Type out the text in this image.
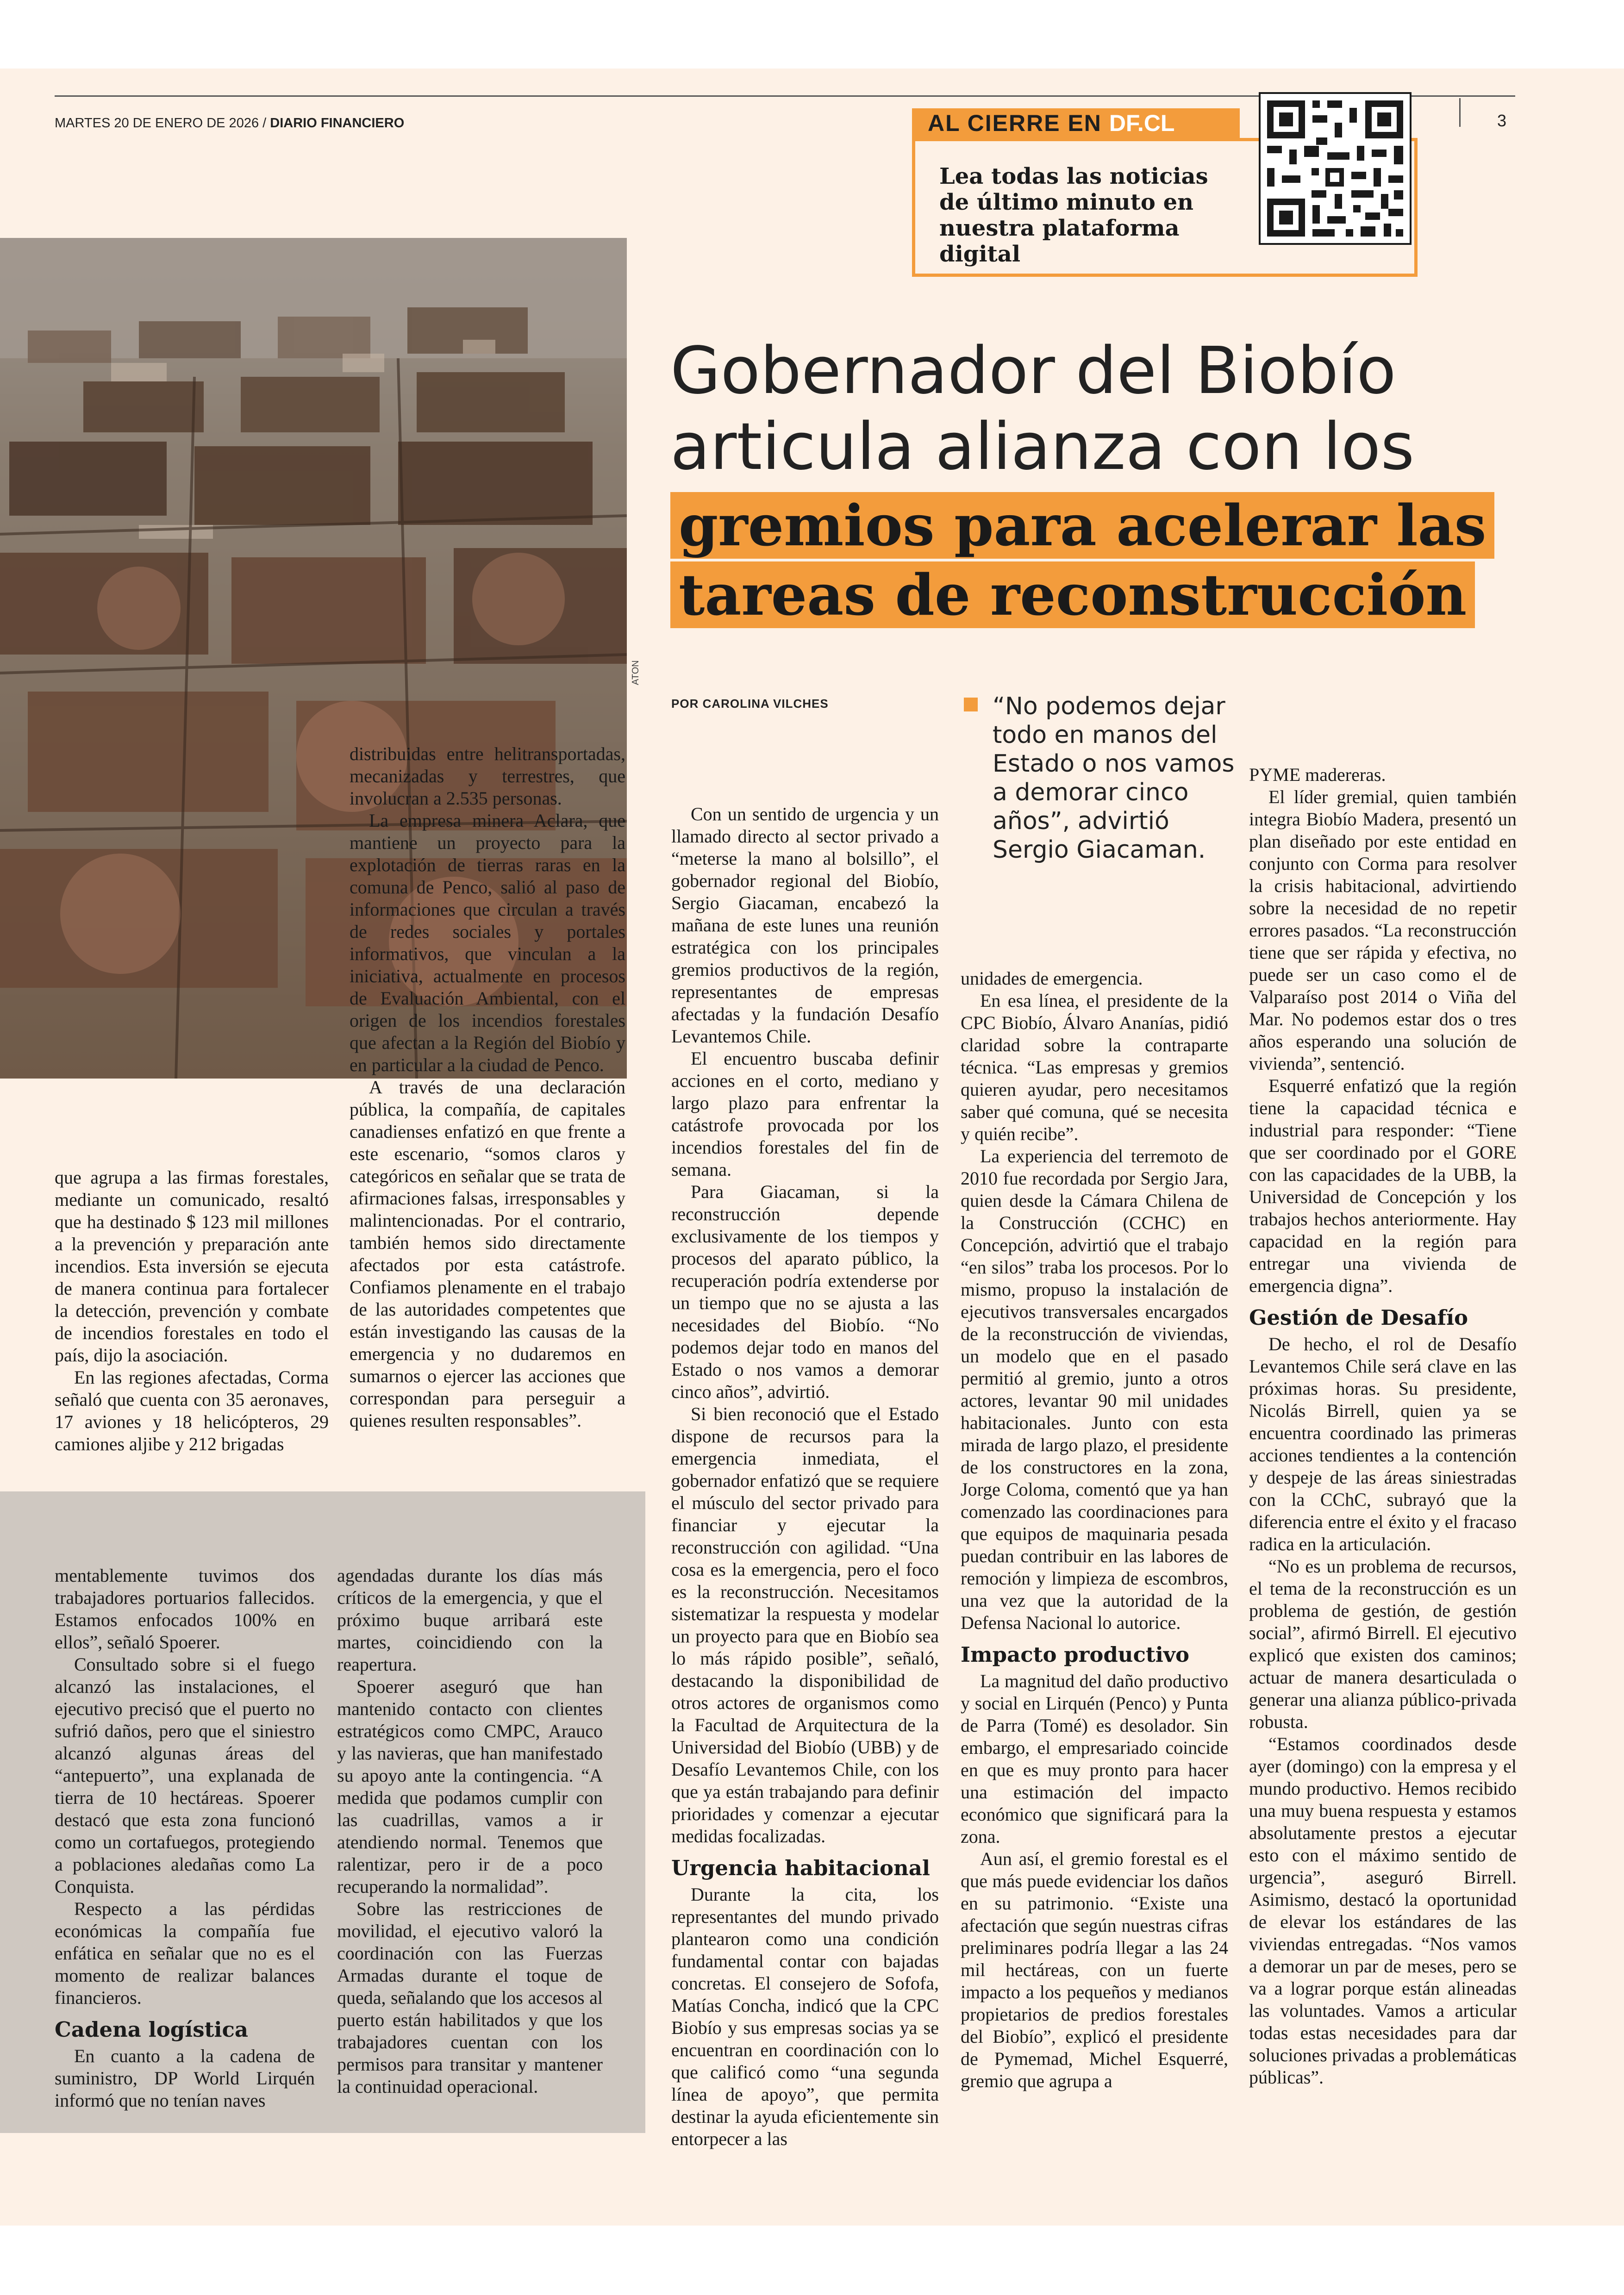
MARTES 20 DE ENERO DE 2026 / DIARIO FINANCIERO	3
AL CIERRE EN DF.CL
Lea todas las noticias de último minuto en nuestra plataforma digital
ATON

Gobernador del Biobío

articula alianza con los

gremios para acelerar las

tareas de reconstrucción

POR CAROLINA VILCHES	“No podemos dejar todo en manos del Estado o nos vamos a demorar cinco años”, advirtió Sergio Giacaman.

que agrupa a las firmas forestales, mediante un comunicado, resaltó que ha destinado $ 123 mil millones a la prevención y preparación ante incendios. Esta inversión se ejecuta de manera continua para fortalecer la detección, prevención y combate de incendios forestales en todo el país, dijo la asociación.

En las regiones afectadas, Corma señaló que cuenta con 35 aeronaves, 17 aviones y 18 helicópteros, 29 camiones aljibe y 212 brigadas

distribuidas entre helitransportadas, mecanizadas y terrestres, que involucran a 2.535 personas.

La empresa minera Aclara, que mantiene un proyecto para la explotación de tierras raras en la comuna de Penco, salió al paso de informaciones que circulan a través de redes sociales y portales informativos, que vinculan a la iniciativa, actualmente en procesos de Evaluación Ambiental, con el origen de los incendios forestales que afectan a la Región del Biobío y en particular a la ciudad de Penco.

A través de una declaración pública, la compañía, de capitales canadienses enfatizó en que frente a este escenario, “somos claros y categóricos en señalar que se trata de afirmaciones falsas, irresponsables y malintencionadas. Por el contrario, también hemos sido directamente afectados por esta catástrofe. Confiamos plenamente en el trabajo de las autoridades competentes que están investigando las causas de la emergencia y no dudaremos en sumarnos o ejercer las acciones que correspondan para perseguir a quienes resulten responsables”.

Con un sentido de urgencia y un llamado directo al sector privado a “meterse la mano al bolsillo”, el gobernador regional del Biobío, Sergio Giacaman, encabezó la mañana de este lunes una reunión estratégica con los principales gremios productivos de la región, representantes de empresas afectadas y la fundación Desafío Levantemos Chile.

El encuentro buscaba definir acciones en el corto, mediano y largo plazo para enfrentar la catástrofe provocada por los incendios forestales del fin de semana.

Para Giacaman, si la reconstrucción depende exclusivamente de los tiempos y procesos del aparato público, la recuperación podría extenderse por un tiempo que no se ajusta a las necesidades del Biobío. “No podemos dejar todo en manos del Estado o nos vamos a demorar cinco años”, advirtió.

Si bien reconoció que el Estado dispone de recursos para la emergencia inmediata, el gobernador enfatizó que se requiere el músculo del sector privado para financiar y ejecutar la reconstrucción con agilidad. “Una cosa es la emergencia, pero el foco es la reconstrucción. Necesitamos sistematizar la respuesta y modelar un proyecto para que en Biobío sea lo más rápido posible”, señaló, destacando la disponibilidad de otros actores de organismos como la Facultad de Arquitectura de la Universidad del Biobío (UBB) y de Desafío Levantemos Chile, con los que ya están trabajando para definir prioridades y comenzar a ejecutar medidas focalizadas.

Urgencia habitacional

Durante la cita, los representantes del mundo privado plantearon como una condición fundamental contar con bajadas concretas. El consejero de Sofofa, Matías Concha, indicó que la CPC Biobío y sus empresas socias ya se encuentran en coordinación con lo que calificó como “una segunda línea de apoyo”, que permita destinar la ayuda eficientemente sin entorpecer a las

unidades de emergencia.

En esa línea, el presidente de la CPC Biobío, Álvaro Ananías, pidió claridad sobre la contraparte técnica. “Las empresas y gremios quieren ayudar, pero necesitamos saber qué comuna, qué se necesita y quién recibe”.

La experiencia del terremoto de 2010 fue recordada por Sergio Jara, quien desde la Cámara Chilena de la Construcción (CCHC) en Concepción, advirtió que el trabajo “en silos” traba los procesos. Por lo mismo, propuso la instalación de ejecutivos transversales encargados de la reconstrucción de viviendas, un modelo que en el pasado permitió al gremio, junto a otros actores, levantar 90 mil unidades habitacionales. Junto con esta mirada de largo plazo, el presidente de los constructores en la zona, Jorge Coloma, comentó que ya han comenzado las coordinaciones para que equipos de maquinaria pesada puedan contribuir en las labores de remoción y limpieza de escombros, una vez que la autoridad de la Defensa Nacional lo autorice.

Impacto productivo

La magnitud del daño productivo y social en Lirquén (Penco) y Punta de Parra (Tomé) es desolador. Sin embargo, el empresariado coincide en que es muy pronto para hacer una estimación del impacto económico que significará para la zona.

Aun así, el gremio forestal es el que más puede evidenciar los daños en su patrimonio. “Existe una afectación que según nuestras cifras preliminares podría llegar a las 24 mil hectáreas, con un fuerte impacto a los pequeños y medianos propietarios de predios forestales del Biobío”, explicó el presidente de Pymemad, Michel Esquerré, gremio que agrupa a

PYME madereras.

El líder gremial, quien también integra Biobío Madera, presentó un plan diseñado por este entidad en conjunto con Corma para resolver la crisis habitacional, advirtiendo sobre la necesidad de no repetir errores pasados. “La reconstrucción tiene que ser rápida y efectiva, no puede ser un caso como el de Valparaíso post 2014 o Viña del Mar. No podemos estar dos o tres años esperando una solución de vivienda”, sentenció.

Esquerré enfatizó que la región tiene la capacidad técnica e industrial para responder: “Tiene que ser coordinado por el GORE con las capacidades de la UBB, la Universidad de Concepción y los trabajos hechos anteriormente. Hay capacidad en la región para entregar una vivienda de emergencia digna”.

Gestión de Desafío

De hecho, el rol de Desafío Levantemos Chile será clave en las próximas horas. Su presidente, Nicolás Birrell, quien ya se encuentra coordinado las primeras acciones tendientes a la contención y despeje de las áreas siniestradas con la CChC, subrayó que la diferencia entre el éxito y el fracaso radica en la articulación.

“No es un problema de recursos, el tema de la reconstrucción es un problema de gestión, de gestión social”, afirmó Birrell. El ejecutivo explicó que existen dos caminos; actuar de manera desarticulada o generar una alianza público-privada robusta.

“Estamos coordinados desde ayer (domingo) con la empresa y el mundo productivo. Hemos recibido una muy buena respuesta y estamos absolutamente prestos a ejecutar esto con el máximo sentido de urgencia”, aseguró Birrell. Asimismo, destacó la oportunidad de elevar los estándares de las viviendas entregadas. “Nos vamos a demorar un par de meses, pero se va a lograr porque están alineadas las voluntades. Vamos a articular todas estas necesidades para dar soluciones privadas a problemáticas públicas”.

mentablemente tuvimos dos trabajadores portuarios fallecidos. Estamos enfocados 100% en ellos”, señaló Spoerer.

Consultado sobre si el fuego alcanzó las instalaciones, el ejecutivo precisó que el puerto no sufrió daños, pero que el siniestro alcanzó algunas áreas del “antepuerto”, una explanada de tierra de 10 hectáreas. Spoerer destacó que esta zona funcionó como un cortafuegos, protegiendo a poblaciones aledañas como La Conquista.

Respecto a las pérdidas económicas la compañía fue enfática en señalar que no es el momento de realizar balances financieros.

Cadena logística

En cuanto a la cadena de suministro, DP World Lirquén informó que no tenían naves

agendadas durante los días más críticos de la emergencia, y que el próximo buque arribará este martes, coincidiendo con la reapertura.

Spoerer aseguró que han mantenido contacto con clientes estratégicos como CMPC, Arauco y las navieras, que han manifestado su apoyo ante la contingencia. “A medida que podamos cumplir con las cuadrillas, vamos a ir atendiendo normal. Tenemos que ralentizar, pero ir de a poco recuperando la normalidad”.

Sobre las restricciones de movilidad, el ejecutivo valoró la coordinación con las Fuerzas Armadas durante el toque de queda, señalando que los accesos al puerto están habilitados y que los trabajadores cuentan con los permisos para transitar y mantener la continuidad operacional.
